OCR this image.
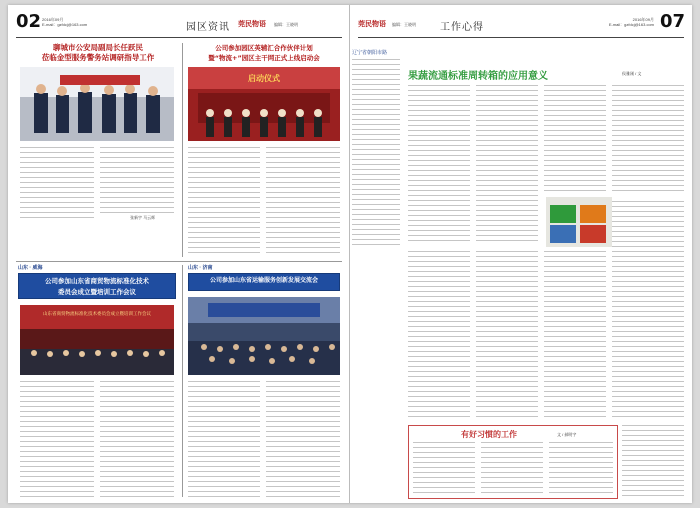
02 2016年09月
E-mail：gzfdcj@163.com	园区资讯 莞民物语 编辑：王晓明
聊城市公安局副局长任跃民
莅临金型服务警务站调研指导工作
张新宇 马云辉
公司参加园区英辅汇合作伙伴计划
暨“物流+”园区主干网正式上线启动会
启动仪式
山东 · 威海
公司参加山东省商贸物流标准化技术
委员会成立暨培训工作会议
山东省商贸物流标准化技术委员会成立暨培训工作会议
山东 · 济南
公司参加山东省运输服务创新发展交流会
莞民物语 编辑：王晓明 工作心得
2016年09月
E-mail：gzfdcj@163.com 07
辽宁省朝阳市路
果蔬流通标准周转箱的应用意义	侯雅刚 / 文
有好习惯的工作	文 / 郝明宇
